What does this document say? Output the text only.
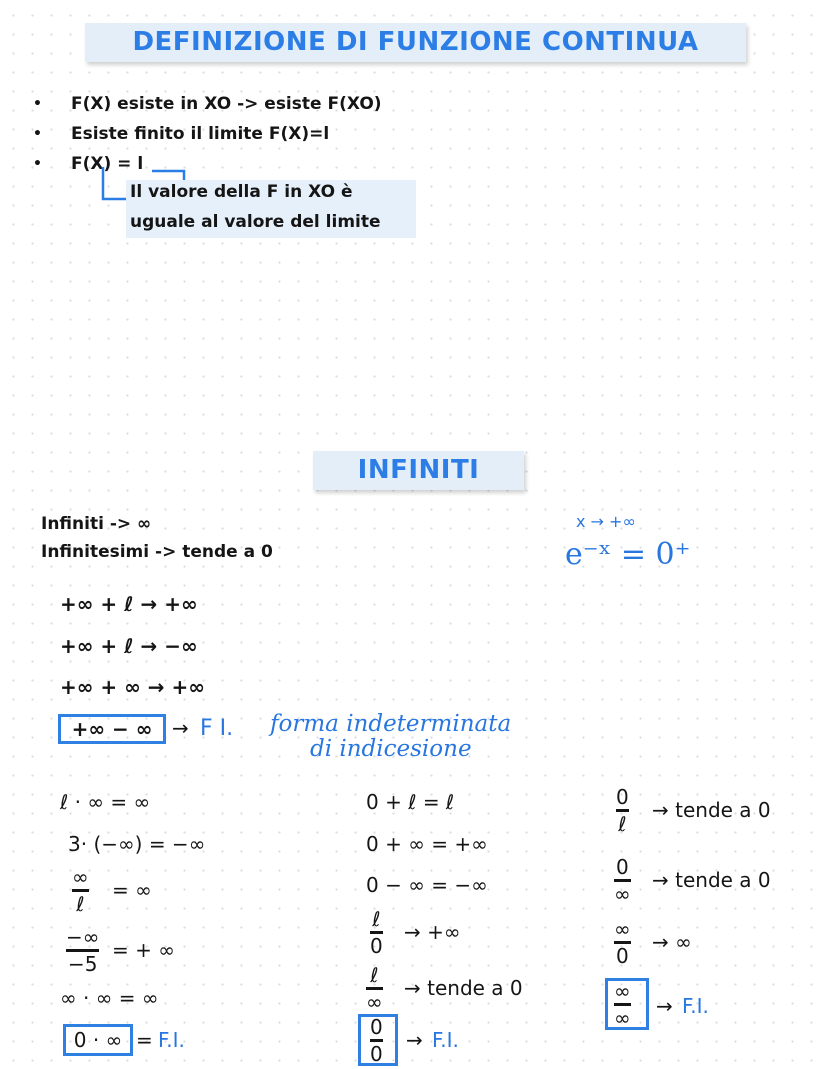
DEFINIZIONE DI FUNZIONE CONTINUA
• F(X) esiste in XO -> esiste F(XO)
• Esiste finito il limite F(X)=l
• F(X) = l
Il valore della F in XO è
uguale al valore del limite
INFINITI
Infiniti -> ∞
Infinitesimi -> tende a 0
x → +∞
e⁻ˣ = 0⁺
+∞ + ℓ → +∞
+∞ + ℓ → −∞
+∞ + ∞ → +∞
+∞ − ∞ → F I. forma indeterminata
di indicesione
ℓ · ∞ = ∞
3· (−∞) = −∞
∞
ℓ
= ∞
−∞
−5
= + ∞
∞ · ∞ = ∞
0 · ∞ = F.I.
0 + ℓ = ℓ
0 + ∞ = +∞
0 − ∞ = −∞
ℓ
0
→ +∞
ℓ
∞
→ tende a 0
0
0
→ F.I.
0
ℓ
→ tende a 0
0
∞
→ tende a 0
∞
0
→ ∞
∞
∞ → F.I.
